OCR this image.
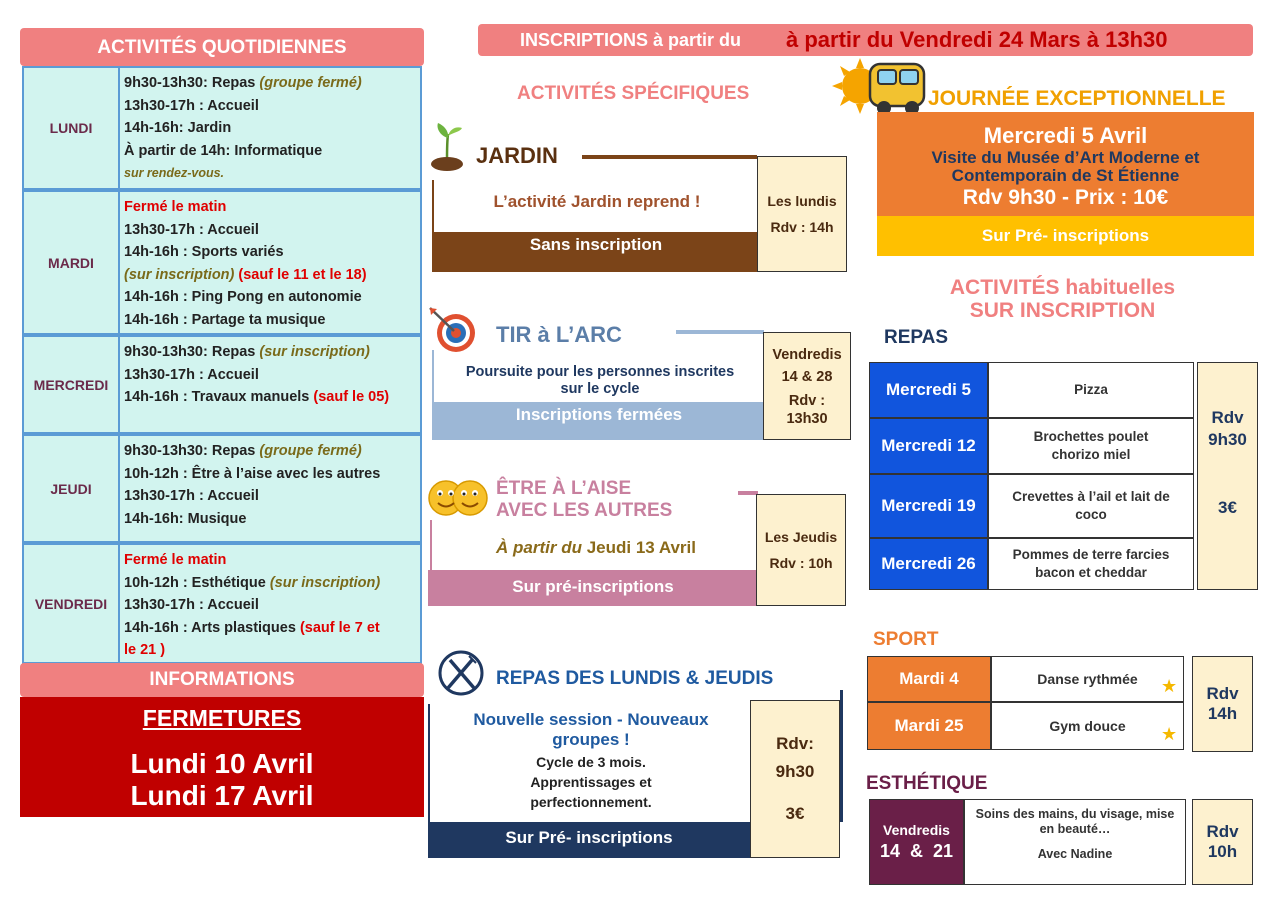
ACTIVITÉS QUOTIDIENNES
LUNDI
9h30-13h30: Repas (groupe fermé)
13h30-17h : Accueil
14h-16h: Jardin
À partir de 14h: Informatique
sur rendez-vous.
MARDI
Fermé le matin
13h30-17h : Accueil
14h-16h : Sports variés
(sur inscription) (sauf le 11 et le 18)
14h-16h : Ping Pong en autonomie
14h-16h : Partage ta musique
MERCREDI
9h30-13h30: Repas (sur inscription)
13h30-17h : Accueil
14h-16h : Travaux manuels (sauf le 05)
JEUDI
9h30-13h30: Repas (groupe fermé)
10h-12h : Être à l’aise avec les autres
13h30-17h : Accueil
14h-16h: Musique
VENDREDI
Fermé le matin
10h-12h : Esthétique (sur inscription)
13h30-17h : Accueil
14h-16h : Arts plastiques (sauf le 7 et
le 21 )
INFORMATIONS
FERMETURES
Lundi 10 Avril
Lundi 17 Avril
INSCRIPTIONS à partir du à partir du Vendredi 24 Mars à 13h30
ACTIVITÉS SPÉCIFIQUES
JARDIN
L’activité Jardin reprend !
Sans inscription
Les lundis
Rdv : 14h
TIR à L’ARC
Poursuite pour les personnes inscrites
sur le cycle
Inscriptions fermées
Vendredis
14 & 28
Rdv :
13h30
ÊTRE À L’AISE
AVEC LES AUTRES
À partir du Jeudi 13 Avril
Sur pré-inscriptions
Les Jeudis
Rdv : 10h
REPAS DES LUNDIS & JEUDIS
Nouvelle session - Nouveaux
groupes !
Cycle de 3 mois.
Apprentissages et
perfectionnement.
Sur Pré- inscriptions
Rdv:
9h30
3€
JOURNÉE EXCEPTIONNELLE
Mercredi 5 Avril
Visite du Musée d’Art Moderne et
Contemporain de St Étienne
Rdv 9h30 - Prix : 10€
Sur Pré- inscriptions
ACTIVITÉS habituelles
SUR INSCRIPTION
REPAS
Mercredi 5	Pizza
Mercredi 12	Brochettes poulet
chorizo miel
Mercredi 19	Crevettes à l’ail et lait de
coco
Mercredi 26	Pommes de terre farcies
bacon et cheddar
Rdv
9h30
3€
SPORT
Mardi 4	Danse rythmée ★
Mardi 25	Gym douce ★
Rdv
14h
ESTHÉTIQUE
Vendredis
14  &  21
Soins des mains, du visage, mise
en beauté…
Avec Nadine
Rdv
10h
